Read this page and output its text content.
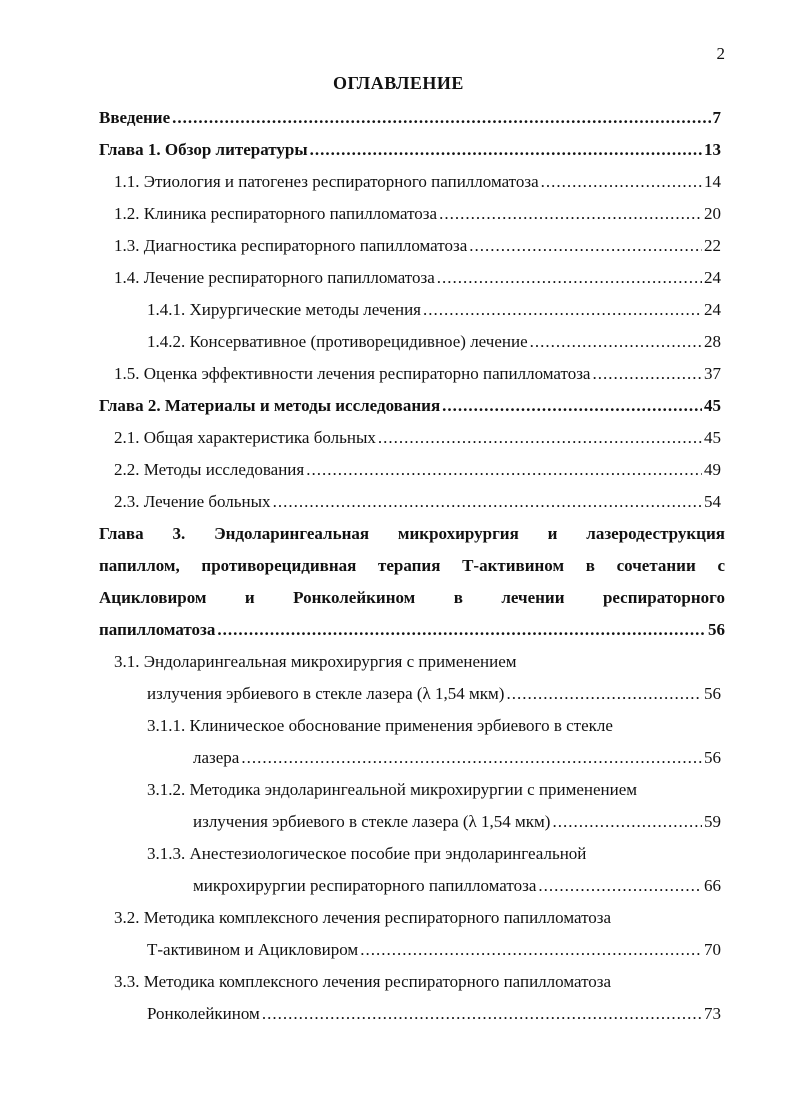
2
ОГЛАВЛЕНИЕ
Введение .....	7
Глава 1. Обзор литературы .....	13
1.1. Этиология и патогенез респираторного папилломатоза .....	14
1.2. Клиника респираторного папилломатоза .....	20
1.3. Диагностика респираторного папилломатоза .....	22
1.4. Лечение респираторного папилломатоза .....	24
1.4.1. Хирургические методы лечения .....	24
1.4.2. Консервативное (противорецидивное) лечение .....	28
1.5. Оценка эффективности лечения респираторно папилломатоза .....	37
Глава 2. Материалы и методы исследования .....	45
2.1. Общая характеристика больных .....	45
2.2. Методы исследования .....	49
2.3. Лечение больных .....	54
Глава 3. Эндоларингеальная микрохирургия и лазеродеструкция
папиллом, противорецидивная терапия Т-активином в сочетании с
Ацикловиром и Ронколейкином в лечении респираторного
папилломатоза .....	56
3.1. Эндоларингеальная микрохирургия с применением
излучения эрбиевого в стекле лазера (λ 1,54 мкм) .....	56
3.1.1. Клиническое обоснование применения эрбиевого в стекле
лазера .....	56
3.1.2. Методика эндоларингеальной микрохирургии с применением
излучения эрбиевого в стекле лазера (λ 1,54 мкм) .....	59
3.1.3. Анестезиологическое пособие при эндоларингеальной
микрохирургии респираторного папилломатоза .....	66
3.2. Методика комплексного лечения респираторного папилломатоза
Т-активином и Ацикловиром .....	70
3.3. Методика комплексного лечения респираторного папилломатоза
Ронколейкином .....	73
